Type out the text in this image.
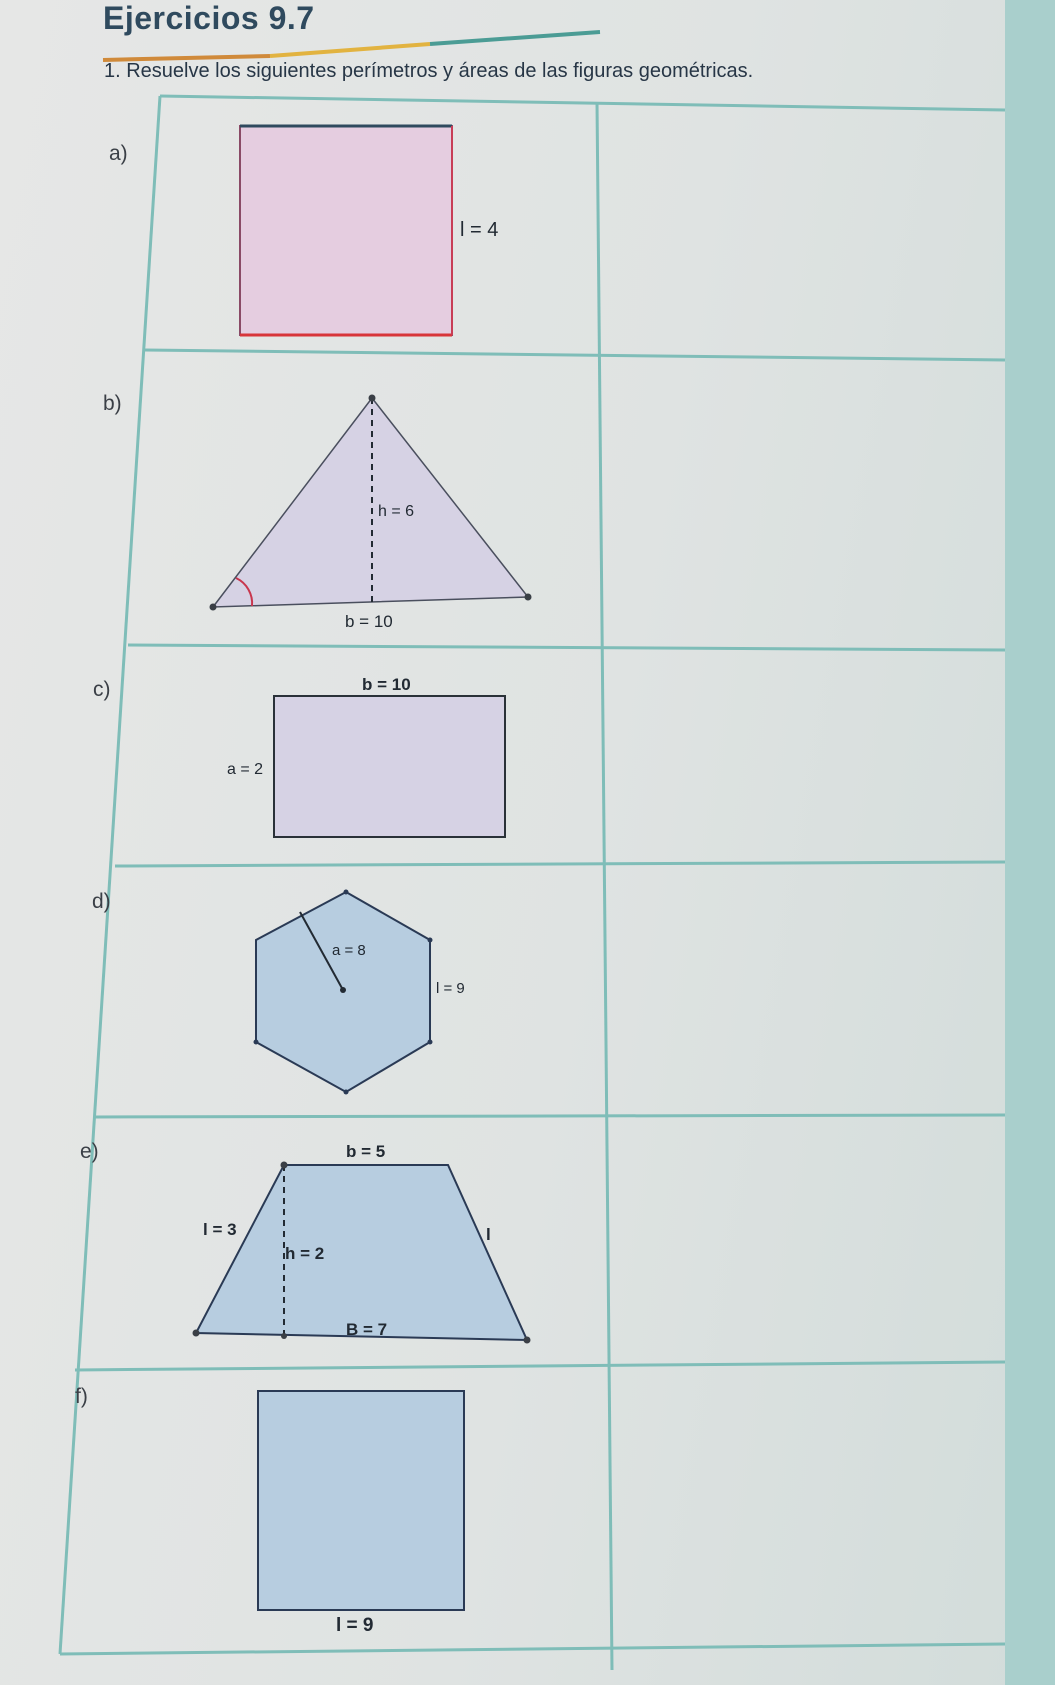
Ejercicios 9.7

1. Resuelve los siguientes perímetros y áreas de las figuras geométricas.

l = 4
h = 6
b = 10
b = 10
a = 2
a = 8
l = 9
b = 5
l = 3
h = 2
B = 7
l
l = 9
a)
b)
c)
d)
e)
f)
